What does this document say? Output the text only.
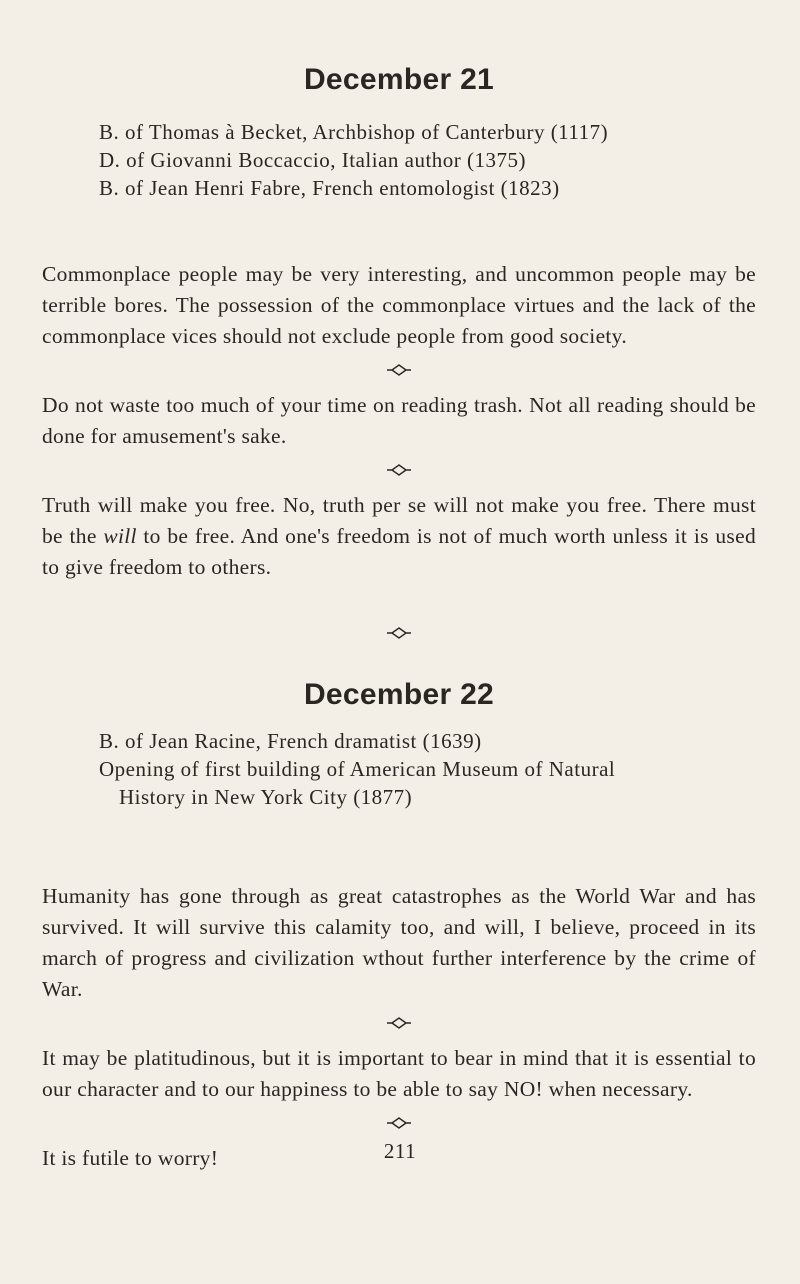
December 21
B. of Thomas à Becket, Archbishop of Canterbury (1117)
D. of Giovanni Boccaccio, Italian author (1375)
B. of Jean Henri Fabre, French entomologist (1823)

Commonplace people may be very interesting, and uncommon people may be terrible bores. The possession of the commonplace virtues and the lack of the commonplace vices should not exclude people from good society.

Do not waste too much of your time on reading trash. Not all reading should be done for amusement's sake.

Truth will make you free. No, truth per se will not make you free. There must be the will to be free. And one's freedom is not of much worth unless it is used to give freedom to others.

December 22
B. of Jean Racine, French dramatist (1639)
Opening of first building of American Museum of Natural
History in New York City (1877)

Humanity has gone through as great catastrophes as the World War and has survived. It will survive this calamity too, and will, I believe, proceed in its march of progress and civilization wthout further interference by the crime of War.

It may be platitudinous, but it is important to bear in mind that it is essential to our character and to our happiness to be able to say NO! when necessary.

It is futile to worry!	211
